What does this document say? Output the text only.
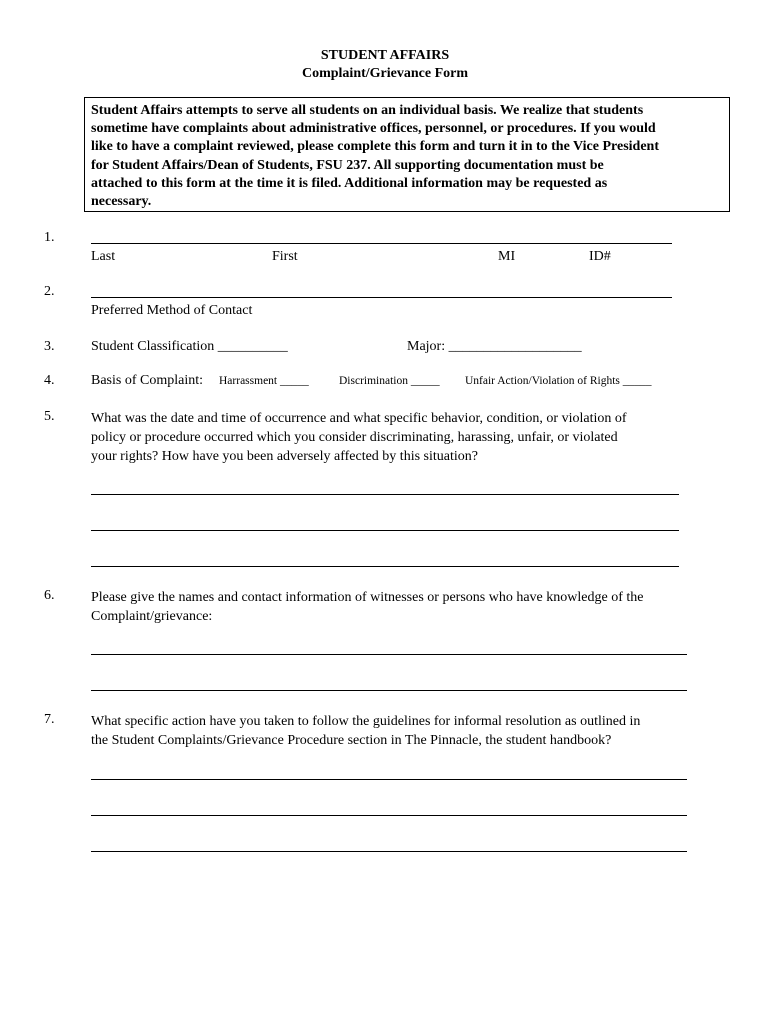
STUDENT AFFAIRS
Complaint/Grievance Form
Student Affairs attempts to serve all students on an individual basis. We realize that students
sometime have complaints about administrative offices, personnel, or procedures. If you would
like to have a complaint reviewed, please complete this form and turn it in to the Vice President
for Student Affairs/Dean of Students, FSU 237. All supporting documentation must be
attached to this form at the time it is filed. Additional information may be requested as
necessary.
1.
Last	First	MI	ID#
2.
Preferred Method of Contact
3.	Student Classification __________	Major: ___________________
4.	Basis of Complaint: Harrassment _____	Discrimination _____ Unfair Action/Violation of Rights _____
5.	What was the date and time of occurrence and what specific behavior, condition, or violation of
policy or procedure occurred which you consider discriminating, harassing, unfair, or violated
your rights? How have you been adversely affected by this situation?
6.	Please give the names and contact information of witnesses or persons who have knowledge of the
Complaint/grievance:
7.	What specific action have you taken to follow the guidelines for informal resolution as outlined in
the Student Complaints/Grievance Procedure section in The Pinnacle, the student handbook?
